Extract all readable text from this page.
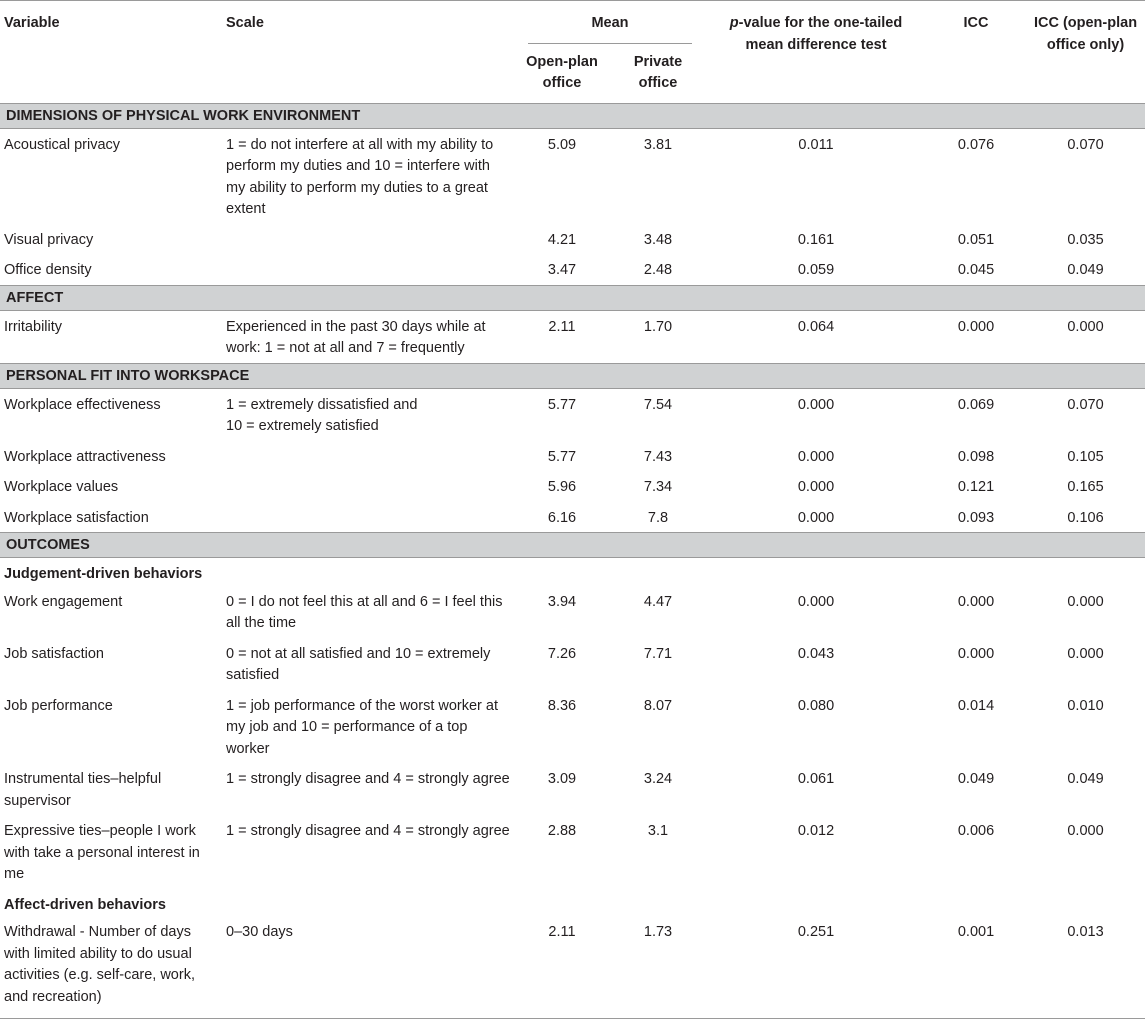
Variable	Scale	Mean		p-value for the one-tailed mean difference test	ICC	ICC (open-plan office only)
		Open-plan office	Private office			
DIMENSIONS OF PHYSICAL WORK ENVIRONMENT						
Acoustical privacy	1 = do not interfere at all with my ability to perform my duties and 10 = interfere with my ability to perform my duties to a great extent	5.09	3.81	0.011	0.076	0.070
Visual privacy		4.21	3.48	0.161	0.051	0.035
Office density		3.47	2.48	0.059	0.045	0.049
AFFECT						
Irritability	Experienced in the past 30 days while at work: 1 = not at all and 7 = frequently	2.11	1.70	0.064	0.000	0.000
PERSONAL FIT INTO WORKSPACE						
Workplace effectiveness	1 = extremely dissatisfied and
10 = extremely satisfied	5.77	7.54	0.000	0.069	0.070
Workplace attractiveness		5.77	7.43	0.000	0.098	0.105
Workplace values		5.96	7.34	0.000	0.121	0.165
Workplace satisfaction		6.16	7.8	0.000	0.093	0.106
OUTCOMES						
Judgement-driven behaviors						
Work engagement	0 = I do not feel this at all and 6 = I feel this all the time	3.94	4.47	0.000	0.000	0.000
Job satisfaction	0 = not at all satisfied and 10 = extremely satisfied	7.26	7.71	0.043	0.000	0.000
Job performance	1 = job performance of the worst worker at my job and 10 = performance of a top worker	8.36	8.07	0.080	0.014	0.010
Instrumental ties–helpful supervisor	1 = strongly disagree and 4 = strongly agree	3.09	3.24	0.061	0.049	0.049
Expressive ties–people I work with take a personal interest in me	1 = strongly disagree and 4 = strongly agree	2.88	3.1	0.012	0.006	0.000
Affect-driven behaviors						
Withdrawal - Number of days with limited ability to do usual activities (e.g. self-care, work, and recreation)	0–30 days	2.11	1.73	0.251	0.001	0.013
